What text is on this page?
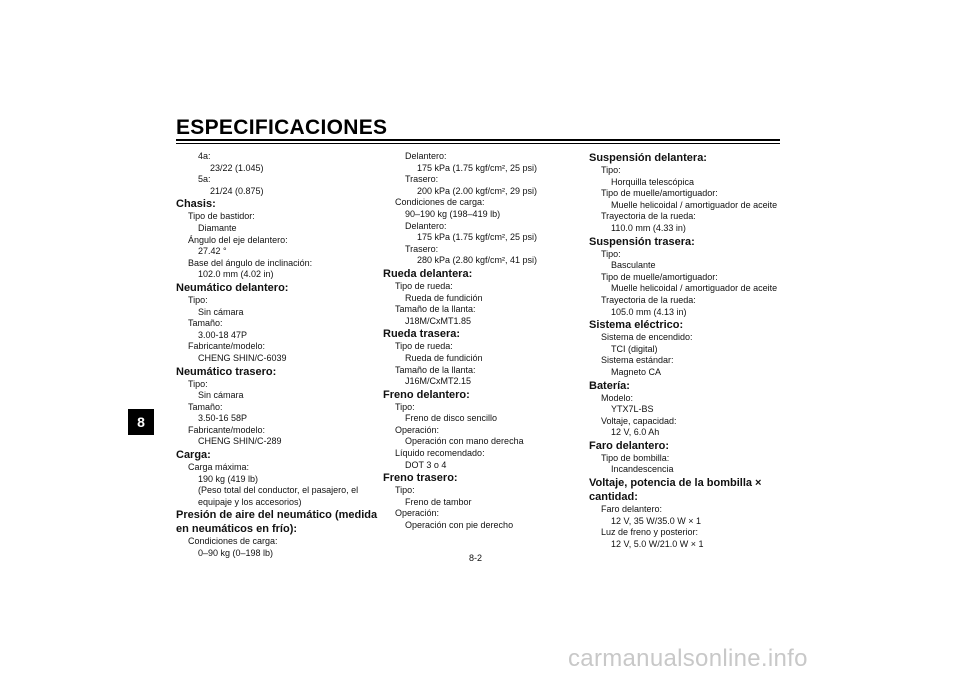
ESPECIFICACIONES
8
4a:
23/22 (1.045)
5a:
21/24 (0.875)
Chasis:
Tipo de bastidor:
Diamante
Ángulo del eje delantero:
27.42 °
Base del ángulo de inclinación:
102.0 mm (4.02 in)
Neumático delantero:
Tipo:
Sin cámara
Tamaño:
3.00-18 47P
Fabricante/modelo:
CHENG SHIN/C-6039
Neumático trasero:
Tipo:
Sin cámara
Tamaño:
3.50-16 58P
Fabricante/modelo:
CHENG SHIN/C-289
Carga:
Carga máxima:
190 kg (419 lb)
(Peso total del conductor, el pasajero, el
equipaje y los accesorios)
Presión de aire del neumático (medida
en neumáticos en frío):
Condiciones de carga:
0–90 kg (0–198 lb)
Delantero:
175 kPa (1.75 kgf/cm², 25 psi)
Trasero:
200 kPa (2.00 kgf/cm², 29 psi)
Condiciones de carga:
90–190 kg (198–419 lb)
Delantero:
175 kPa (1.75 kgf/cm², 25 psi)
Trasero:
280 kPa (2.80 kgf/cm², 41 psi)
Rueda delantera:
Tipo de rueda:
Rueda de fundición
Tamaño de la llanta:
J18M/CxMT1.85
Rueda trasera:
Tipo de rueda:
Rueda de fundición
Tamaño de la llanta:
J16M/CxMT2.15
Freno delantero:
Tipo:
Freno de disco sencillo
Operación:
Operación con mano derecha
Líquido recomendado:
DOT 3 o 4
Freno trasero:
Tipo:
Freno de tambor
Operación:
Operación con pie derecho
Suspensión delantera:
Tipo:
Horquilla telescópica
Tipo de muelle/amortiguador:
Muelle helicoidal / amortiguador de aceite
Trayectoria de la rueda:
110.0 mm (4.33 in)
Suspensión trasera:
Tipo:
Basculante
Tipo de muelle/amortiguador:
Muelle helicoidal / amortiguador de aceite
Trayectoria de la rueda:
105.0 mm (4.13 in)
Sistema eléctrico:
Sistema de encendido:
TCI (digital)
Sistema estándar:
Magneto CA
Batería:
Modelo:
YTX7L-BS
Voltaje, capacidad:
12 V, 6.0 Ah
Faro delantero:
Tipo de bombilla:
Incandescencia
Voltaje, potencia de la bombilla ×
cantidad:
Faro delantero:
12 V, 35 W/35.0 W × 1
Luz de freno y posterior:
12 V, 5.0 W/21.0 W × 1
8-2
carmanualsonline.info
